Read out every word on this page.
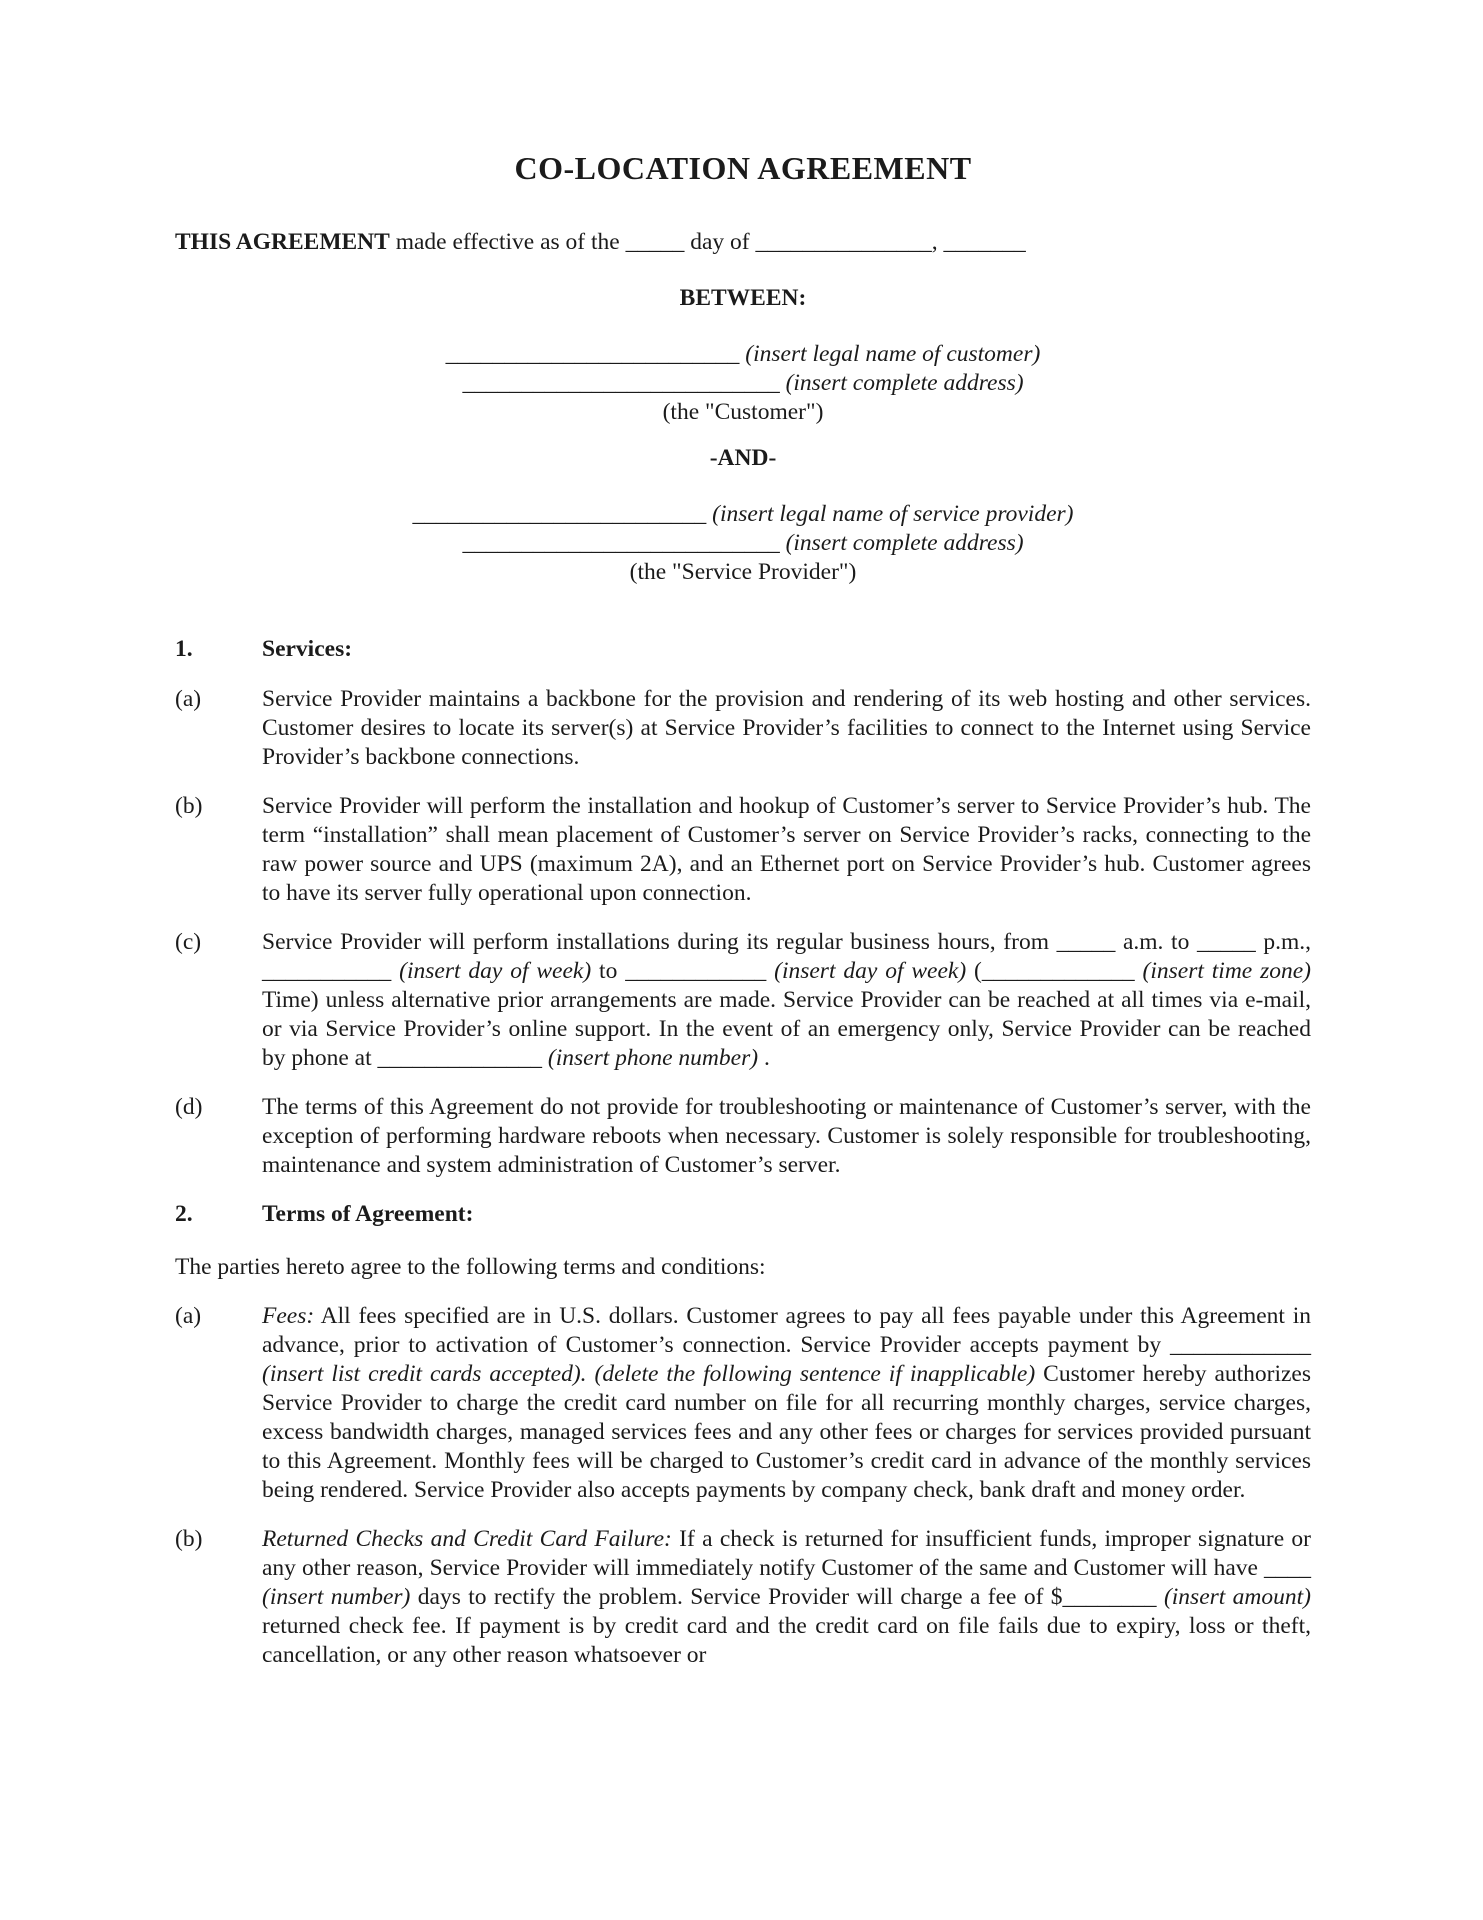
CO-LOCATION AGREEMENT
THIS AGREEMENT made effective as of the _____ day of _______________, _______
BETWEEN:
_________________________ (insert legal name of customer)
___________________________ (insert complete address)
(the "Customer")
-AND-
_________________________ (insert legal name of service provider)
___________________________ (insert complete address)
(the "Service Provider")
1.	Services:
(a)	Service Provider maintains a backbone for the provision and rendering of its web hosting and other services. Customer desires to locate its server(s) at Service Provider’s facilities to connect to the Internet using Service Provider’s backbone connections.
(b)	Service Provider will perform the installation and hookup of Customer’s server to Service Provider’s hub. The term “installation” shall mean placement of Customer’s server on Service Provider’s racks, connecting to the raw power source and UPS (maximum 2A), and an Ethernet port on Service Provider’s hub. Customer agrees to have its server fully operational upon connection.
(c)	Service Provider will perform installations during its regular business hours, from _____ a.m. to _____ p.m., ___________ (insert day of week) to ____________ (insert day of week) (_____________ (insert time zone) Time) unless alternative prior arrangements are made. Service Provider can be reached at all times via e-mail, or via Service Provider’s online support. In the event of an emergency only, Service Provider can be reached by phone at ______________ (insert phone number) .
(d)	The terms of this Agreement do not provide for troubleshooting or maintenance of Customer’s server, with the exception of performing hardware reboots when necessary. Customer is solely responsible for troubleshooting, maintenance and system administration of Customer’s server.
2.	Terms of Agreement:
The parties hereto agree to the following terms and conditions:
(a)	Fees: All fees specified are in U.S. dollars. Customer agrees to pay all fees payable under this Agreement in advance, prior to activation of Customer’s connection. Service Provider accepts payment by ____________ (insert list credit cards accepted). (delete the following sentence if inapplicable) Customer hereby authorizes Service Provider to charge the credit card number on file for all recurring monthly charges, service charges, excess bandwidth charges, managed services fees and any other fees or charges for services provided pursuant to this Agreement. Monthly fees will be charged to Customer’s credit card in advance of the monthly services being rendered. Service Provider also accepts payments by company check, bank draft and money order.
(b)	Returned Checks and Credit Card Failure: If a check is returned for insufficient funds, improper signature or any other reason, Service Provider will immediately notify Customer of the same and Customer will have ____ (insert number) days to rectify the problem. Service Provider will charge a fee of $________ (insert amount) returned check fee. If payment is by credit card and the credit card on file fails due to expiry, loss or theft, cancellation, or any other reason whatsoever or
